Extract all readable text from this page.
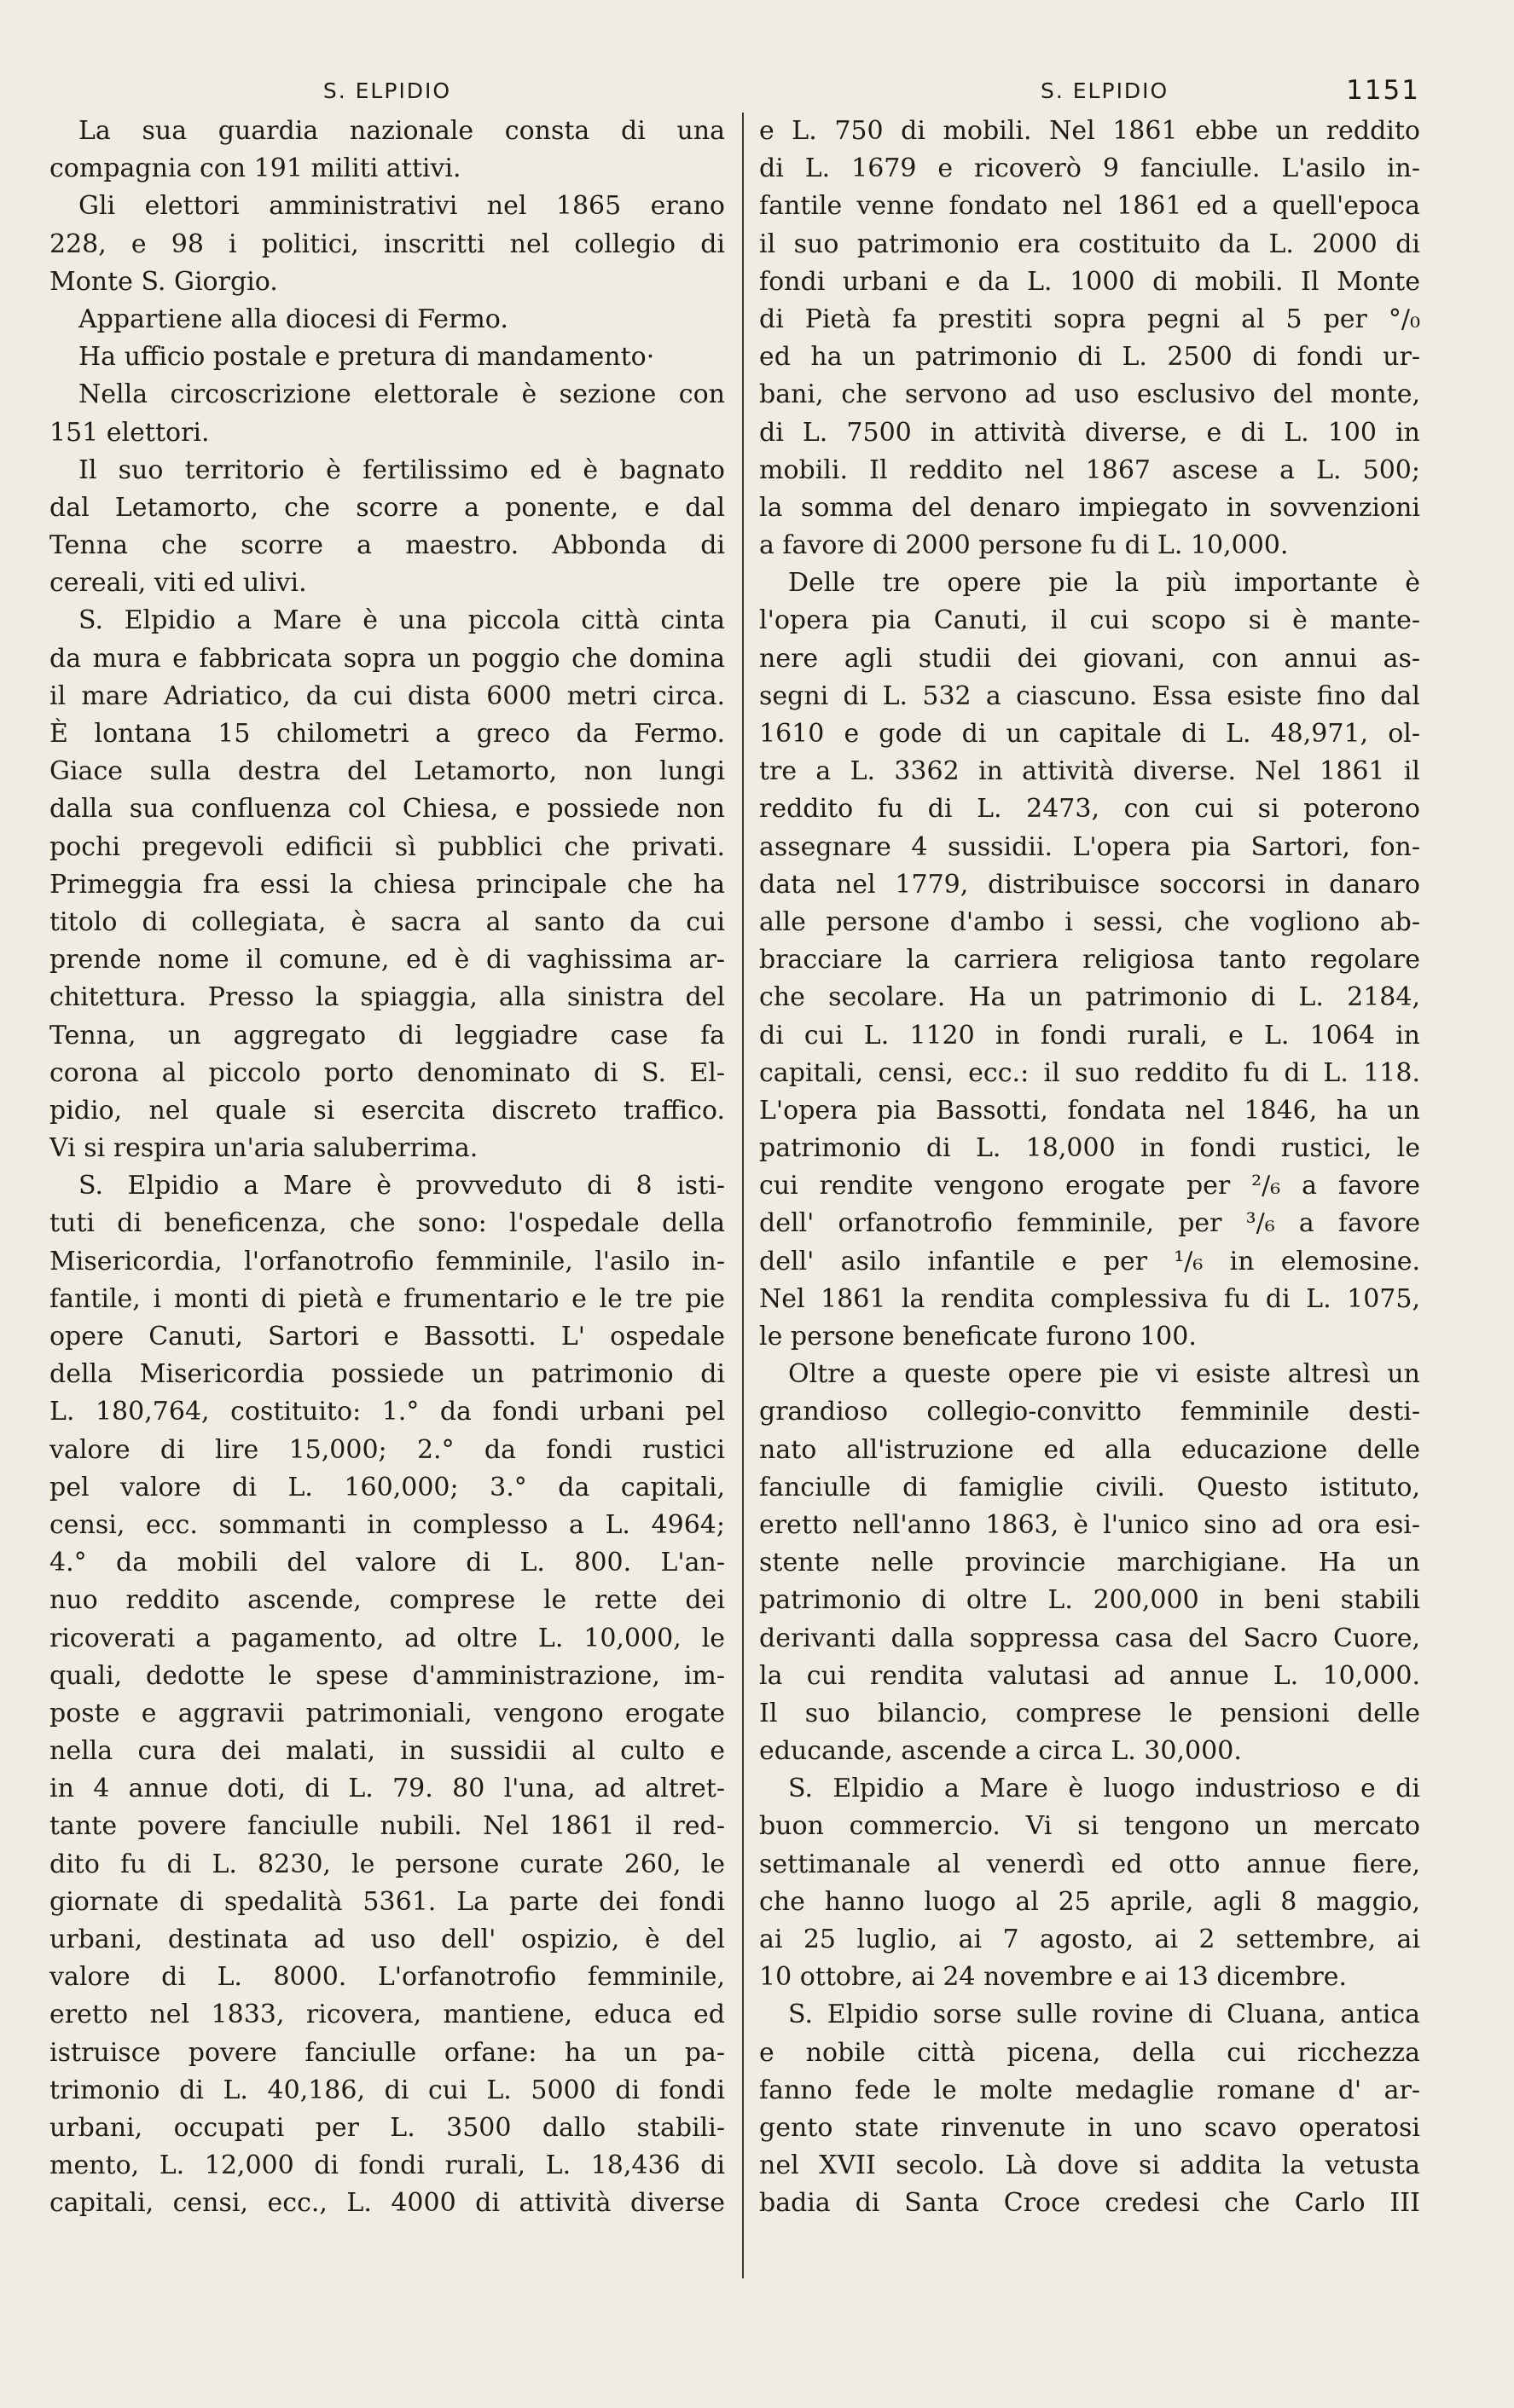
S. ELPIDIO
La sua guardia nazionale consta di una
compagnia con 191 militi attivi.
Gli elettori amministrativi nel 1865 erano
228, e 98 i politici, inscritti nel collegio di
Monte S. Giorgio.
Appartiene alla diocesi di Fermo.
Ha ufficio postale e pretura di mandamento·
Nella circoscrizione elettorale è sezione con
151 elettori.
Il suo territorio è fertilissimo ed è bagnato
dal Letamorto, che scorre a ponente, e dal
Tenna che scorre a maestro. Abbonda di
cereali, viti ed ulivi.
S. Elpidio a Mare è una piccola città cinta
da mura e fabbricata sopra un poggio che domina
il mare Adriatico, da cui dista 6000 metri circa.
È lontana 15 chilometri a greco da Fermo.
Giace sulla destra del Letamorto, non lungi
dalla sua confluenza col Chiesa, e possiede non
pochi pregevoli edificii sì pubblici che privati.
Primeggia fra essi la chiesa principale che ha
titolo di collegiata, è sacra al santo da cui
prende nome il comune, ed è di vaghissima ar-
chitettura. Presso la spiaggia, alla sinistra del
Tenna, un aggregato di leggiadre case fa
corona al piccolo porto denominato di S. El-
pidio, nel quale si esercita discreto traffico.
Vi si respira un'aria saluberrima.
S. Elpidio a Mare è provveduto di 8 isti-
tuti di beneficenza, che sono: l'ospedale della
Misericordia, l'orfanotrofio femminile, l'asilo in-
fantile, i monti di pietà e frumentario e le tre pie
opere Canuti, Sartori e Bassotti. L' ospedale
della Misericordia possiede un patrimonio di
L. 180,764, costituito: 1.° da fondi urbani pel
valore di lire 15,000; 2.° da fondi rustici
pel valore di L. 160,000; 3.° da capitali,
censi, ecc. sommanti in complesso a L. 4964;
4.° da mobili del valore di L. 800. L'an-
nuo reddito ascende, comprese le rette dei
ricoverati a pagamento, ad oltre L. 10,000, le
quali, dedotte le spese d'amministrazione, im-
poste e aggravii patrimoniali, vengono erogate
nella cura dei malati, in sussidii al culto e
in 4 annue doti, di L. 79. 80 l'una, ad altret-
tante povere fanciulle nubili. Nel 1861 il red-
dito fu di L. 8230, le persone curate 260, le
giornate di spedalità 5361. La parte dei fondi
urbani, destinata ad uso dell' ospizio, è del
valore di L. 8000. L'orfanotrofio femminile,
eretto nel 1833, ricovera, mantiene, educa ed
istruisce povere fanciulle orfane: ha un pa-
trimonio di L. 40,186, di cui L. 5000 di fondi
urbani, occupati per L. 3500 dallo stabili-
mento, L. 12,000 di fondi rurali, L. 18,436 di
capitali, censi, ecc., L. 4000 di attività diverse
S. ELPIDIO	1151
e L. 750 di mobili. Nel 1861 ebbe un reddito
di L. 1679 e ricoverò 9 fanciulle. L'asilo in-
fantile venne fondato nel 1861 ed a quell'epoca
il suo patrimonio era costituito da L. 2000 di
fondi urbani e da L. 1000 di mobili. Il Monte
di Pietà fa prestiti sopra pegni al 5 per °/₀
ed ha un patrimonio di L. 2500 di fondi ur-
bani, che servono ad uso esclusivo del monte,
di L. 7500 in attività diverse, e di L. 100 in
mobili. Il reddito nel 1867 ascese a L. 500;
la somma del denaro impiegato in sovvenzioni
a favore di 2000 persone fu di L. 10,000.
Delle tre opere pie la più importante è
l'opera pia Canuti, il cui scopo si è mante-
nere agli studii dei giovani, con annui as-
segni di L. 532 a ciascuno. Essa esiste fino dal
1610 e gode di un capitale di L. 48,971, ol-
tre a L. 3362 in attività diverse. Nel 1861 il
reddito fu di L. 2473, con cui si poterono
assegnare 4 sussidii. L'opera pia Sartori, fon-
data nel 1779, distribuisce soccorsi in danaro
alle persone d'ambo i sessi, che vogliono ab-
bracciare la carriera religiosa tanto regolare
che secolare. Ha un patrimonio di L. 2184,
di cui L. 1120 in fondi rurali, e L. 1064 in
capitali, censi, ecc.: il suo reddito fu di L. 118.
L'opera pia Bassotti, fondata nel 1846, ha un
patrimonio di L. 18,000 in fondi rustici, le
cui rendite vengono erogate per ²/₆ a favore
dell' orfanotrofio femminile, per ³/₆ a favore
dell' asilo infantile e per ¹/₆ in elemosine.
Nel 1861 la rendita complessiva fu di L. 1075,
le persone beneficate furono 100.
Oltre a queste opere pie vi esiste altresì un
grandioso collegio-convitto femminile desti-
nato all'istruzione ed alla educazione delle
fanciulle di famiglie civili. Questo istituto,
eretto nell'anno 1863, è l'unico sino ad ora esi-
stente nelle provincie marchigiane. Ha un
patrimonio di oltre L. 200,000 in beni stabili
derivanti dalla soppressa casa del Sacro Cuore,
la cui rendita valutasi ad annue L. 10,000.
Il suo bilancio, comprese le pensioni delle
educande, ascende a circa L. 30,000.
S. Elpidio a Mare è luogo industrioso e di
buon commercio. Vi si tengono un mercato
settimanale al venerdì ed otto annue fiere,
che hanno luogo al 25 aprile, agli 8 maggio,
ai 25 luglio, ai 7 agosto, ai 2 settembre, ai
10 ottobre, ai 24 novembre e ai 13 dicembre.
S. Elpidio sorse sulle rovine di Cluana, antica
e nobile città picena, della cui ricchezza
fanno fede le molte medaglie romane d' ar-
gento state rinvenute in uno scavo operatosi
nel XVII secolo. Là dove si addita la vetusta
badia di Santa Croce credesi che Carlo III
